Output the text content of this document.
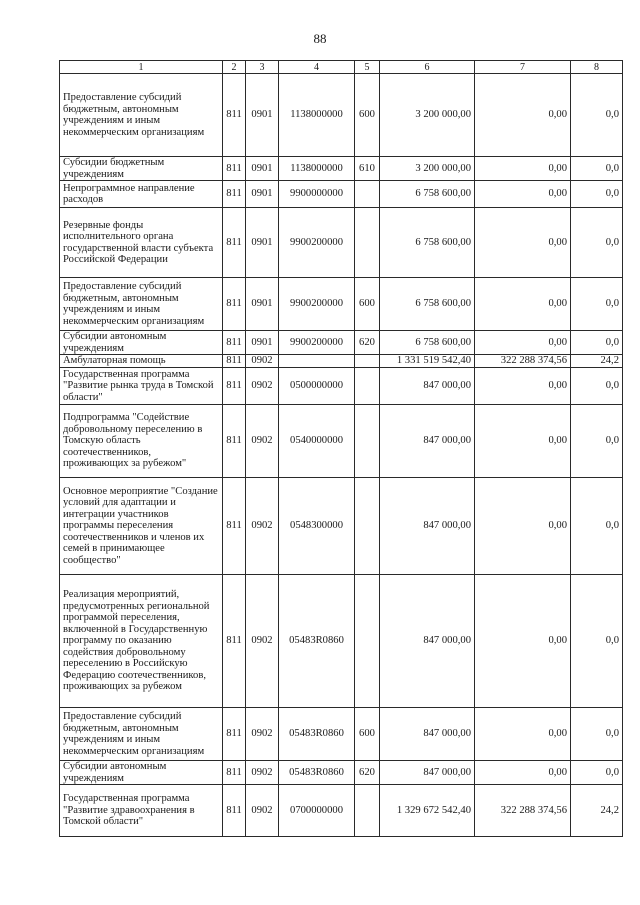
88
1	2	3	4	5	6	7	8
Предоставление субсидий бюджетным, автономным учреждениям и иным некоммерческим организациям	811	0901	1138000000	600	3 200 000,00	0,00	0,0
Субсидии бюджетным учреждениям	811	0901	1138000000	610	3 200 000,00	0,00	0,0
Непрограммное направление расходов	811	0901	9900000000		6 758 600,00	0,00	0,0
Резервные фонды исполнительного органа государственной власти субъекта Российской Федерации	811	0901	9900200000		6 758 600,00	0,00	0,0
Предоставление субсидий бюджетным, автономным учреждениям и иным некоммерческим организациям	811	0901	9900200000	600	6 758 600,00	0,00	0,0
Субсидии автономным учреждениям	811	0901	9900200000	620	6 758 600,00	0,00	0,0
Амбулаторная помощь	811	0902			1 331 519 542,40	322 288 374,56	24,2
Государственная программа "Развитие рынка труда в Томской области"	811	0902	0500000000		847 000,00	0,00	0,0
Подпрограмма "Содействие добровольному переселению в Томскую область соотечественников, проживающих за рубежом"	811	0902	0540000000		847 000,00	0,00	0,0
Основное мероприятие "Создание условий для адаптации и интеграции участников программы переселения соотечественников и членов их семей в принимающее сообщество"	811	0902	0548300000		847 000,00	0,00	0,0
Реализация мероприятий, предусмотренных региональной программой переселения, включенной в Государственную программу по оказанию содействия добровольному переселению в Российскую Федерацию соотечественников, проживающих за рубежом	811	0902	05483R0860		847 000,00	0,00	0,0
Предоставление субсидий бюджетным, автономным учреждениям и иным некоммерческим организациям	811	0902	05483R0860	600	847 000,00	0,00	0,0
Субсидии автономным учреждениям	811	0902	05483R0860	620	847 000,00	0,00	0,0
Государственная программа "Развитие здравоохранения в Томской области"	811	0902	0700000000		1 329 672 542,40	322 288 374,56	24,2
